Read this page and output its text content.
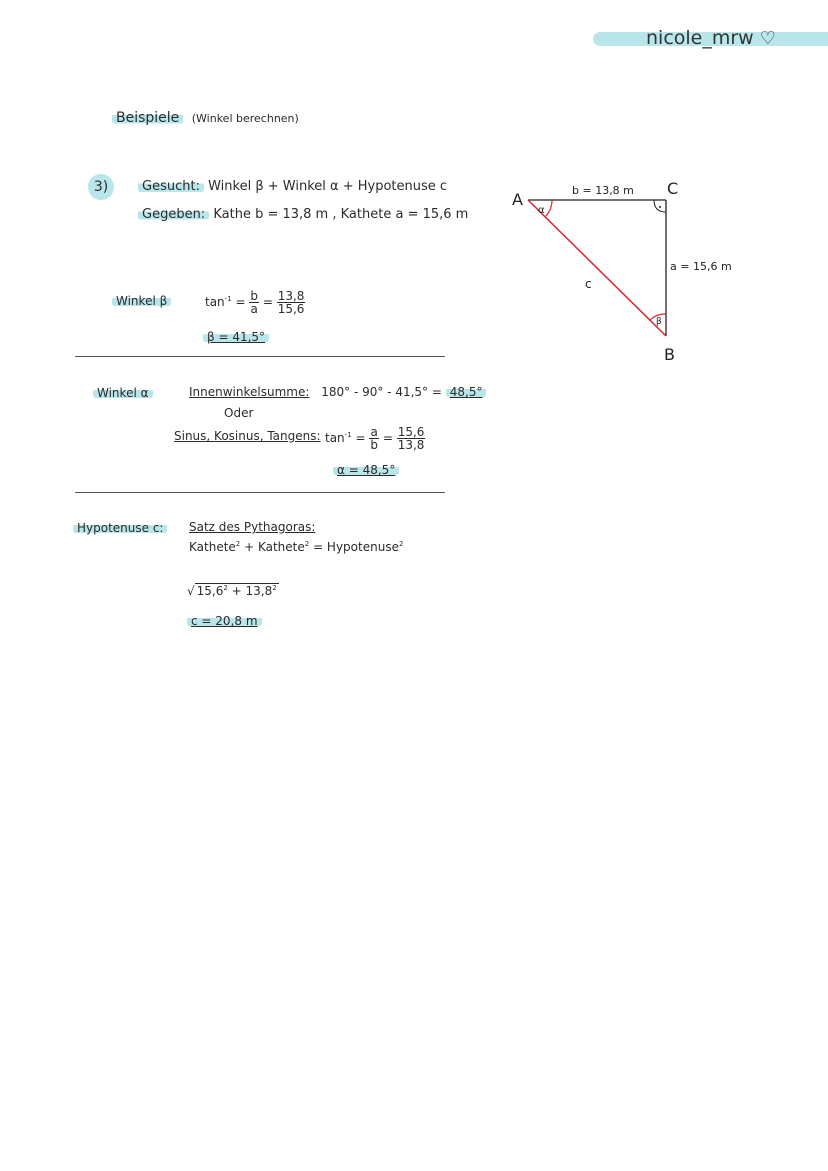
nicole_mrw ♡
Beispiele (Winkel berechnen)
3)	Gesucht: Winkel β + Winkel α + Hypotenuse c
Gegeben: Kathe b = 13,8 m , Kathete a = 15,6 m
Winkel β	$\tan^{-1} = \frac{b}{a} = \frac{13,8}{15,6}$
β = 41,5°
Winkel α	Innenwinkelsumme: 180° - 90° - 41,5° = 48,5°
Oder
Sinus, Kosinus, Tangens: $\tan^{-1} = \frac{a}{b} = \frac{15,6}{13,8}$
α = 48,5°
Hypotenuse c:	Satz des Pythagoras:
Kathete$^2$ + Kathete$^2$ = Hypotenuse$^2$
√ $15,6^2 + 13,8^2$
c = 20,8 m
A
C
B
b = 13,8 m
a = 15,6 m
c
α
β
